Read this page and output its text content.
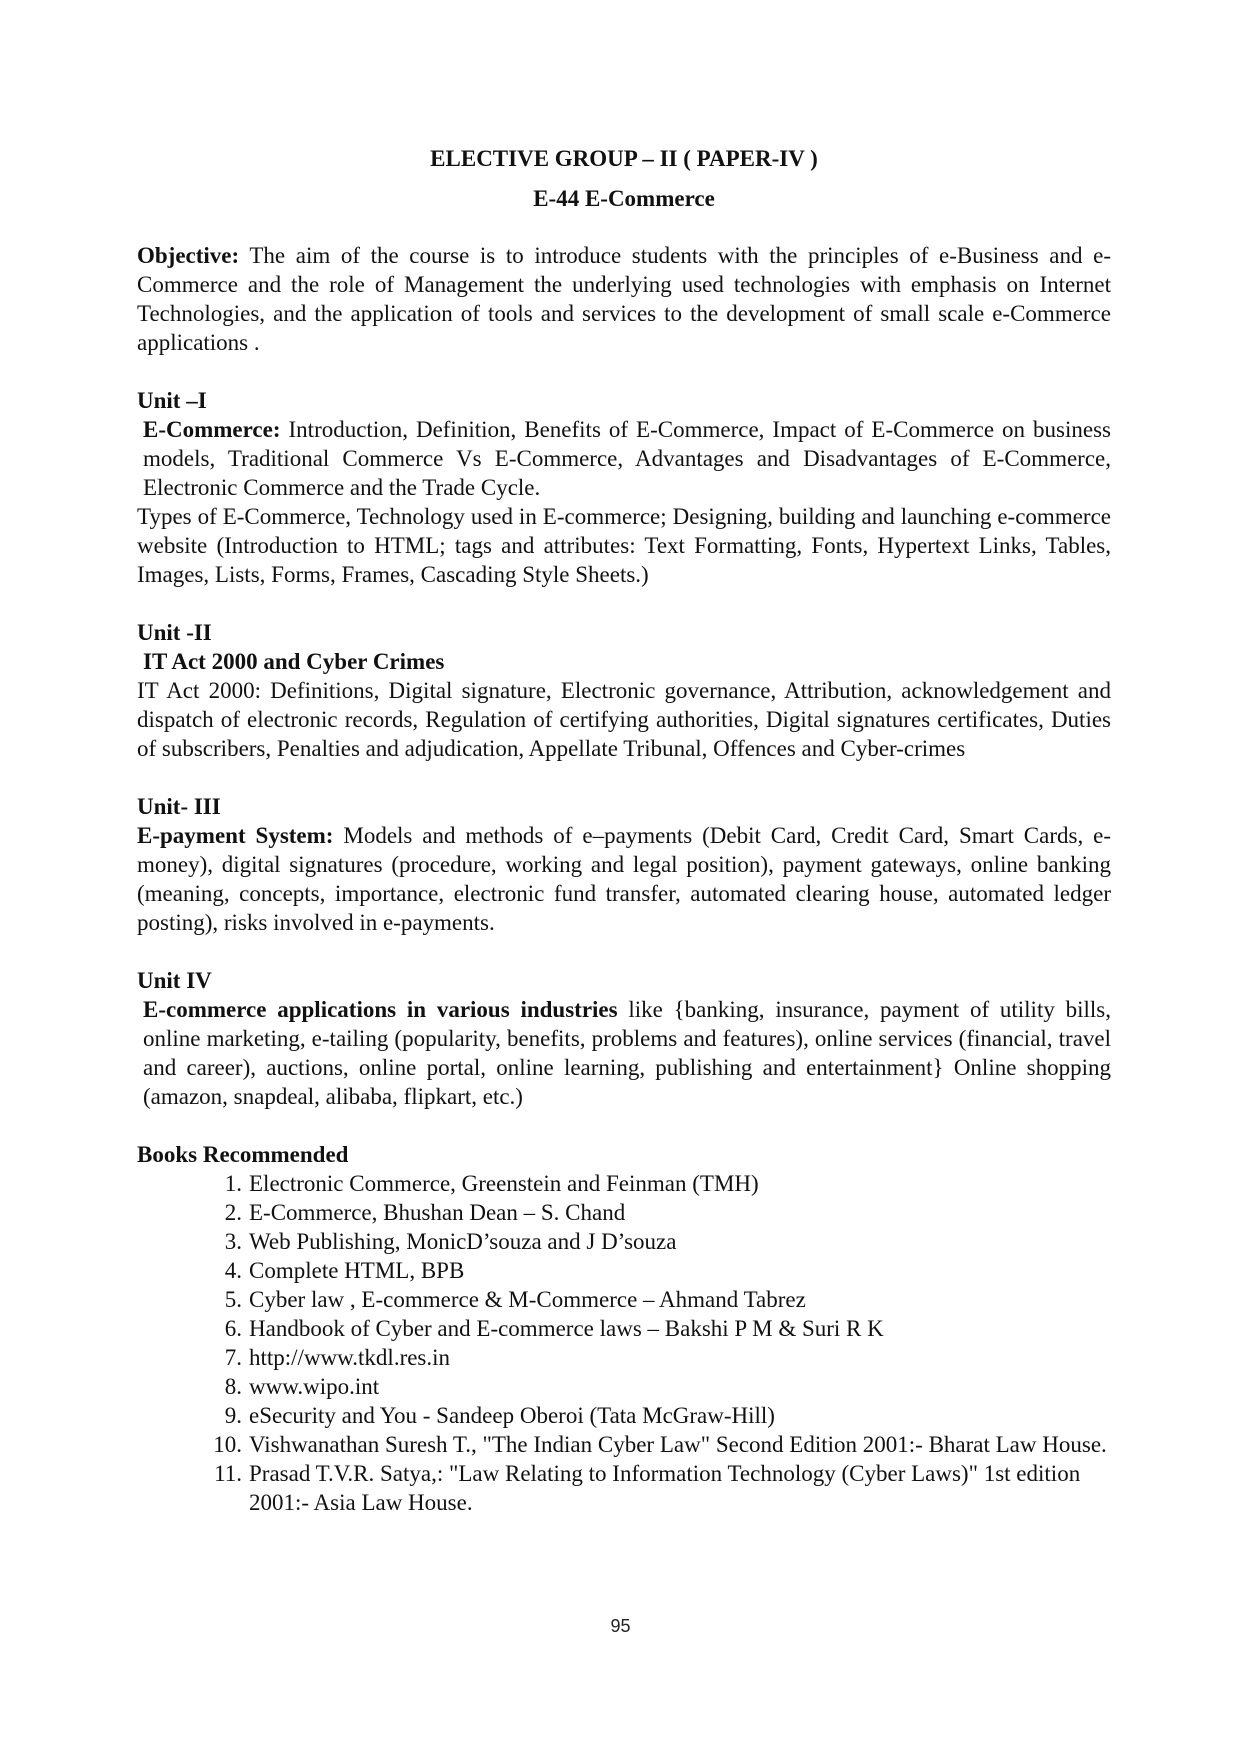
ELECTIVE GROUP – II ( PAPER-IV )

E-44 E-Commerce

Objective: The aim of the course is to introduce students with the principles of e-Business and e-Commerce and the role of Management the underlying used technologies with emphasis on Internet Technologies, and the application of tools and services to the development of small scale e-Commerce applications .

Unit –I

E-Commerce: Introduction, Definition, Benefits of E-Commerce, Impact of E-Commerce on business models, Traditional Commerce Vs E-Commerce, Advantages and Disadvantages of E-Commerce, Electronic Commerce and the Trade Cycle.

Types of E-Commerce, Technology used in E-commerce; Designing, building and launching e-commerce website (Introduction to HTML; tags and attributes: Text Formatting, Fonts, Hypertext Links, Tables, Images, Lists, Forms, Frames, Cascading Style Sheets.)

Unit -II

IT Act 2000 and Cyber Crimes

IT Act 2000: Definitions, Digital signature, Electronic governance, Attribution, acknowledgement and dispatch of electronic records, Regulation of certifying authorities, Digital signatures certificates, Duties of subscribers, Penalties and adjudication, Appellate Tribunal, Offences and Cyber-crimes

Unit- III

E-payment System: Models and methods of e–payments (Debit Card, Credit Card, Smart Cards, e-money), digital signatures (procedure, working and legal position), payment gateways, online banking (meaning, concepts, importance, electronic fund transfer, automated clearing house, automated ledger posting), risks involved in e-payments.

Unit IV

E-commerce applications in various industries like {banking, insurance, payment of utility bills, online marketing, e-tailing (popularity, benefits, problems and features), online services (financial, travel and career), auctions, online portal, online learning, publishing and entertainment} Online shopping (amazon, snapdeal, alibaba, flipkart, etc.)

Books Recommended

1. Electronic Commerce, Greenstein and Feinman (TMH)
2. E-Commerce, Bhushan Dean – S. Chand
3. Web Publishing, MonicD’souza and J D’souza
4. Complete HTML, BPB
5. Cyber law , E-commerce & M-Commerce – Ahmand Tabrez
6. Handbook of Cyber and E-commerce laws – Bakshi P M & Suri R K
7. http://www.tkdl.res.in
8. www.wipo.int
9. eSecurity and You - Sandeep Oberoi (Tata McGraw-Hill)
10. Vishwanathan Suresh T., "The Indian Cyber Law" Second Edition 2001:- Bharat Law House.
11. Prasad T.V.R. Satya,: "Law Relating to Information Technology (Cyber Laws)" 1st edition 2001:- Asia Law House.
95
